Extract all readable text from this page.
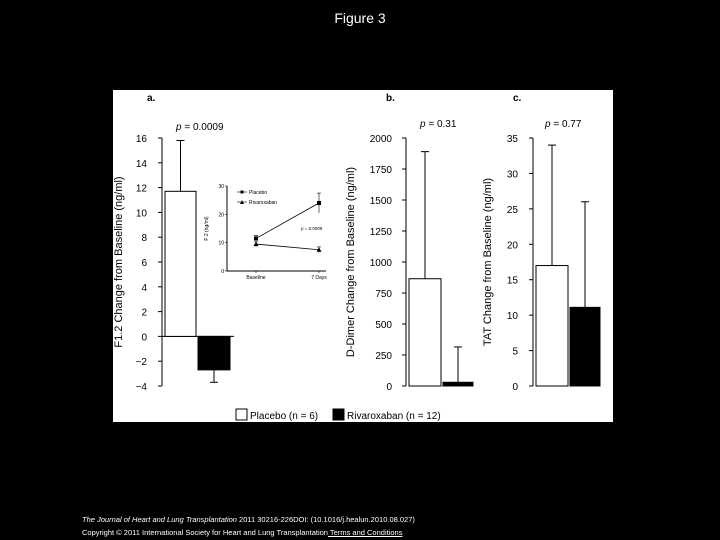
Figure 3
a.
p = 0.0009
−4
−2
0
2
4
6
8
10
12
14
16
F1.2 Change from Baseline (ng/ml)
b.
p = 0.31
0
250
500
750
1000
1250
1500
1750
2000
D-Dimer Change from Baseline (ng/ml)
c.
p = 0.77
0
5
10
15
20
25
30
35
TAT Change from Baseline (ng/ml)
0
10
20
30
F 2 (ng/ml)
Baseline	7 Days
Placebo
Rivaroxaban
p = 0.0008
Placebo (n = 6)	Rivaroxaban (n = 12)
The Journal of Heart and Lung Transplantation 2011 30216-226DOI: (10.1016/j.healun.2010.08.027)
Copyright © 2011 International Society for Heart and Lung Transplantation Terms and Conditions
